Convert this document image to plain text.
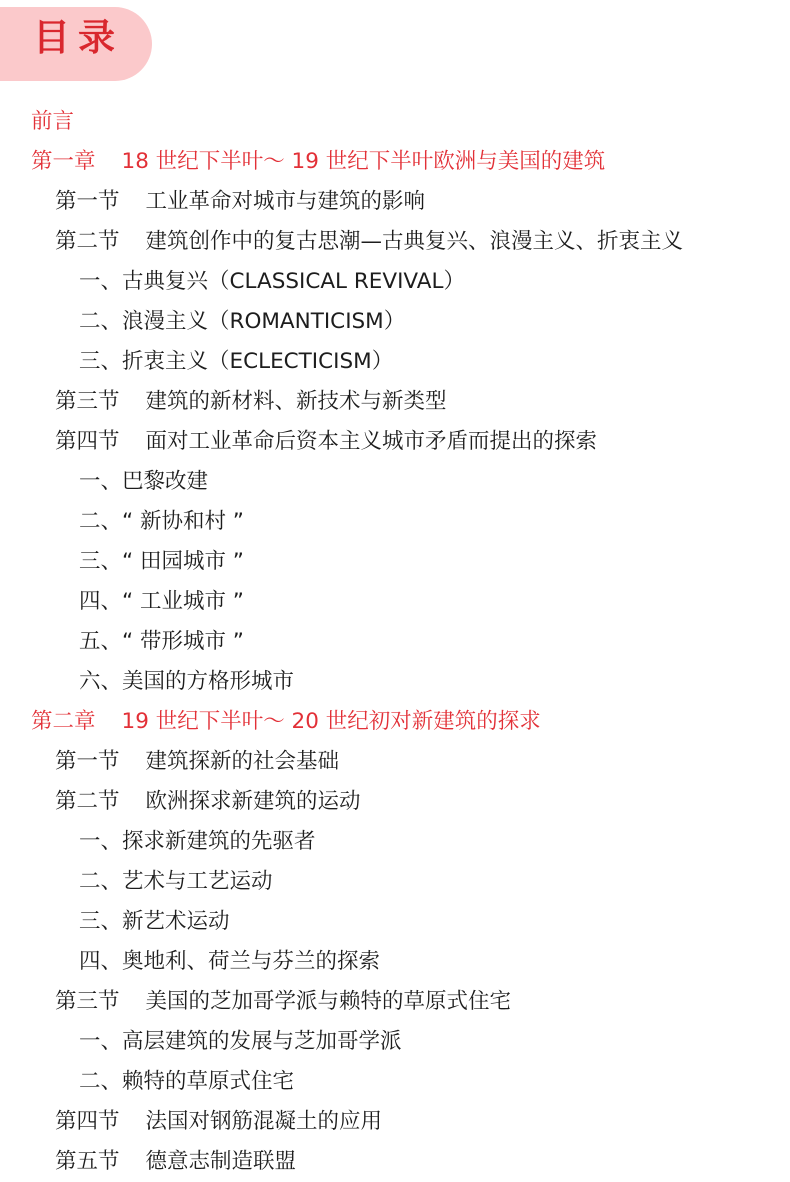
目录
前言
第一章 18 世纪下半叶～ 19 世纪下半叶欧洲与美国的建筑
第一节 工业革命对城市与建筑的影响
第二节 建筑创作中的复古思潮—古典复兴、浪漫主义、折衷主义
一、古典复兴（CLASSICAL REVIVAL）
二、浪漫主义（ROMANTICISM）
三、折衷主义（ECLECTICISM）
第三节 建筑的新材料、新技术与新类型
第四节 面对工业革命后资本主义城市矛盾而提出的探索
一、巴黎改建
二、“ 新协和村 ”
三、“ 田园城市 ”
四、“ 工业城市 ”
五、“ 带形城市 ”
六、美国的方格形城市
第二章 19 世纪下半叶～ 20 世纪初对新建筑的探求
第一节 建筑探新的社会基础
第二节 欧洲探求新建筑的运动
一、探求新建筑的先驱者
二、艺术与工艺运动
三、新艺术运动
四、奥地利、荷兰与芬兰的探索
第三节 美国的芝加哥学派与赖特的草原式住宅
一、高层建筑的发展与芝加哥学派
二、赖特的草原式住宅
第四节 法国对钢筋混凝土的应用
第五节 德意志制造联盟
